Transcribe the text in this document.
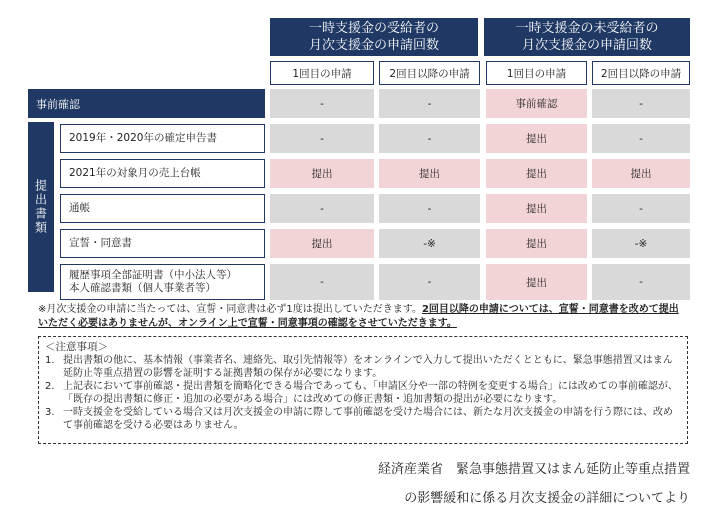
一時支援金の受給者の
月次支援金の申請回数
一時支援金の未受給者の
月次支援金の申請回数
1回目の申請	2回目以降の申請	1回目の申請	2回目以降の申請
事前確認	-	-	事前確認	-
提出書類
2019年・2020年の確定申告書	-	-	提出	-
2021年の対象月の売上台帳	提出	提出	提出	提出
通帳	-	-	提出	-
宣誓・同意書	提出	-※	提出	-※
履歴事項全部証明書（中小法人等）
本人確認書類（個人事業者等）	-	-	提出	-
※月次支援金の申請に当たっては、宣誓・同意書は必ず1度は提出していただきます。2回目以降の申請については、宣誓・同意書を改めて提出いただく必要はありませんが、オンライン上で宣誓・同意事項の確認をさせていただきます。
＜注意事項＞
1. 提出書類の他に、基本情報（事業者名、連絡先、取引先情報等）をオンラインで入力して提出いただくとともに、緊急事態措置又はまん延防止等重点措置の影響を証明する証拠書類の保存が必要になります。
2. 上記表において事前確認・提出書類を簡略化できる場合であっても、「申請区分や一部の特例を変更する場合」には改めての事前確認が、「既存の提出書類に修正・追加の必要がある場合」には改めての修正書類・追加書類の提出が必要になります。
3. 一時支援金を受給している場合又は月次支援金の申請に際して事前確認を受けた場合には、新たな月次支援金の申請を行う際には、改めて事前確認を受ける必要はありません。
経済産業省　緊急事態措置又はまん延防止等重点措置
の影響緩和に係る月次支援金の詳細についてより
